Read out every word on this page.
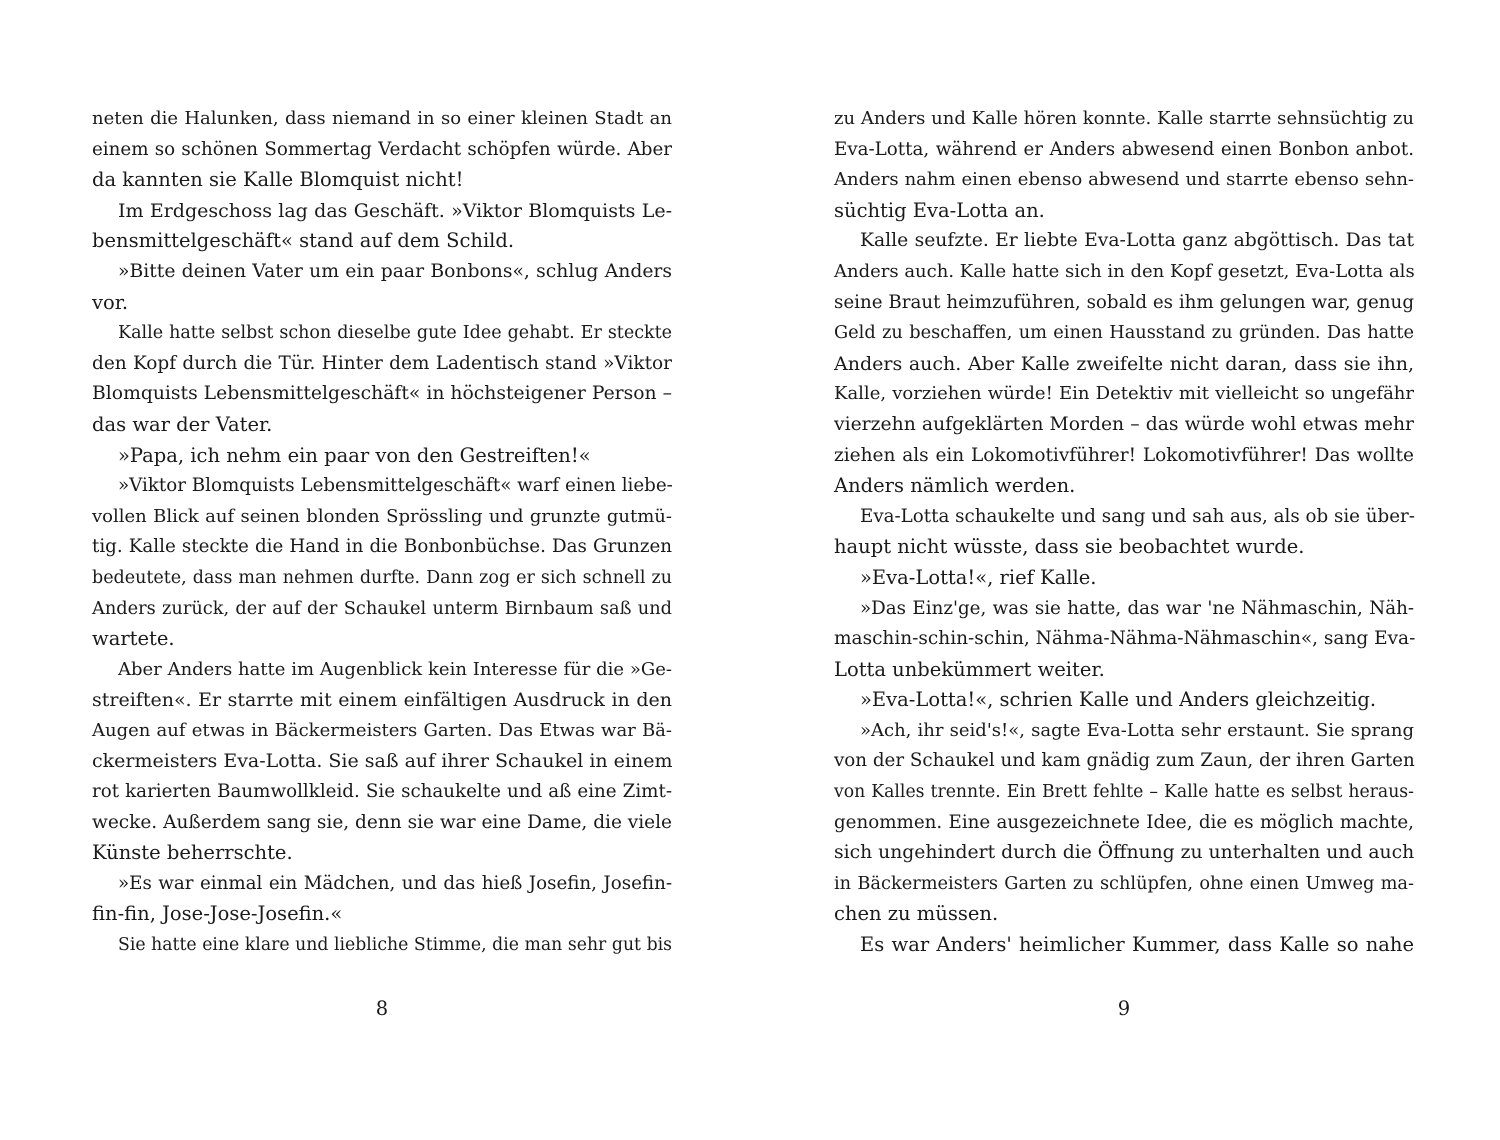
neten die Halunken, dass niemand in so einer kleinen Stadt an
einem so schönen Sommertag Verdacht schöpfen würde. Aber
da kannten sie Kalle Blomquist nicht!
Im Erdgeschoss lag das Geschäft. »Viktor Blomquists Le-
bensmittelgeschäft« stand auf dem Schild.
»Bitte deinen Vater um ein paar Bonbons«, schlug Anders
vor.
Kalle hatte selbst schon dieselbe gute Idee gehabt. Er steckte
den Kopf durch die Tür. Hinter dem Ladentisch stand »Viktor
Blomquists Lebensmittelgeschäft« in höchsteigener Person –
das war der Vater.
»Papa, ich nehm ein paar von den Gestreiften!«
»Viktor Blomquists Lebensmittelgeschäft« warf einen liebe-
vollen Blick auf seinen blonden Sprössling und grunzte gutmü-
tig. Kalle steckte die Hand in die Bonbonbüchse. Das Grunzen
bedeutete, dass man nehmen durfte. Dann zog er sich schnell zu
Anders zurück, der auf der Schaukel unterm Birnbaum saß und
wartete.
Aber Anders hatte im Augenblick kein Interesse für die »Ge-
streiften«. Er starrte mit einem einfältigen Ausdruck in den
Augen auf etwas in Bäckermeisters Garten. Das Etwas war Bä-
ckermeisters Eva-Lotta. Sie saß auf ihrer Schaukel in einem
rot karierten Baumwollkleid. Sie schaukelte und aß eine Zimt-
wecke. Außerdem sang sie, denn sie war eine Dame, die viele
Künste beherrschte.
»Es war einmal ein Mädchen, und das hieß Josefin, Josefin-
fin-fin, Jose-Jose-Josefin.«
Sie hatte eine klare und liebliche Stimme, die man sehr gut bis
8
zu Anders und Kalle hören konnte. Kalle starrte sehnsüchtig zu
Eva-Lotta, während er Anders abwesend einen Bonbon anbot.
Anders nahm einen ebenso abwesend und starrte ebenso sehn-
süchtig Eva-Lotta an.
Kalle seufzte. Er liebte Eva-Lotta ganz abgöttisch. Das tat
Anders auch. Kalle hatte sich in den Kopf gesetzt, Eva-Lotta als
seine Braut heimzuführen, sobald es ihm gelungen war, genug
Geld zu beschaffen, um einen Hausstand zu gründen. Das hatte
Anders auch. Aber Kalle zweifelte nicht daran, dass sie ihn,
Kalle, vorziehen würde! Ein Detektiv mit vielleicht so ungefähr
vierzehn aufgeklärten Morden – das würde wohl etwas mehr
ziehen als ein Lokomotivführer! Lokomotivführer! Das wollte
Anders nämlich werden.
Eva-Lotta schaukelte und sang und sah aus, als ob sie über-
haupt nicht wüsste, dass sie beobachtet wurde.
»Eva-Lotta!«, rief Kalle.
»Das Einz'ge, was sie hatte, das war 'ne Nähmaschin, Näh-
maschin-schin-schin, Nähma-Nähma-Nähmaschin«, sang Eva-
Lotta unbekümmert weiter.
»Eva-Lotta!«, schrien Kalle und Anders gleichzeitig.
»Ach, ihr seid's!«, sagte Eva-Lotta sehr erstaunt. Sie sprang
von der Schaukel und kam gnädig zum Zaun, der ihren Garten
von Kalles trennte. Ein Brett fehlte – Kalle hatte es selbst heraus-
genommen. Eine ausgezeichnete Idee, die es möglich machte,
sich ungehindert durch die Öffnung zu unterhalten und auch
in Bäckermeisters Garten zu schlüpfen, ohne einen Umweg ma-
chen zu müssen.
Es war Anders' heimlicher Kummer, dass Kalle so nahe
9
